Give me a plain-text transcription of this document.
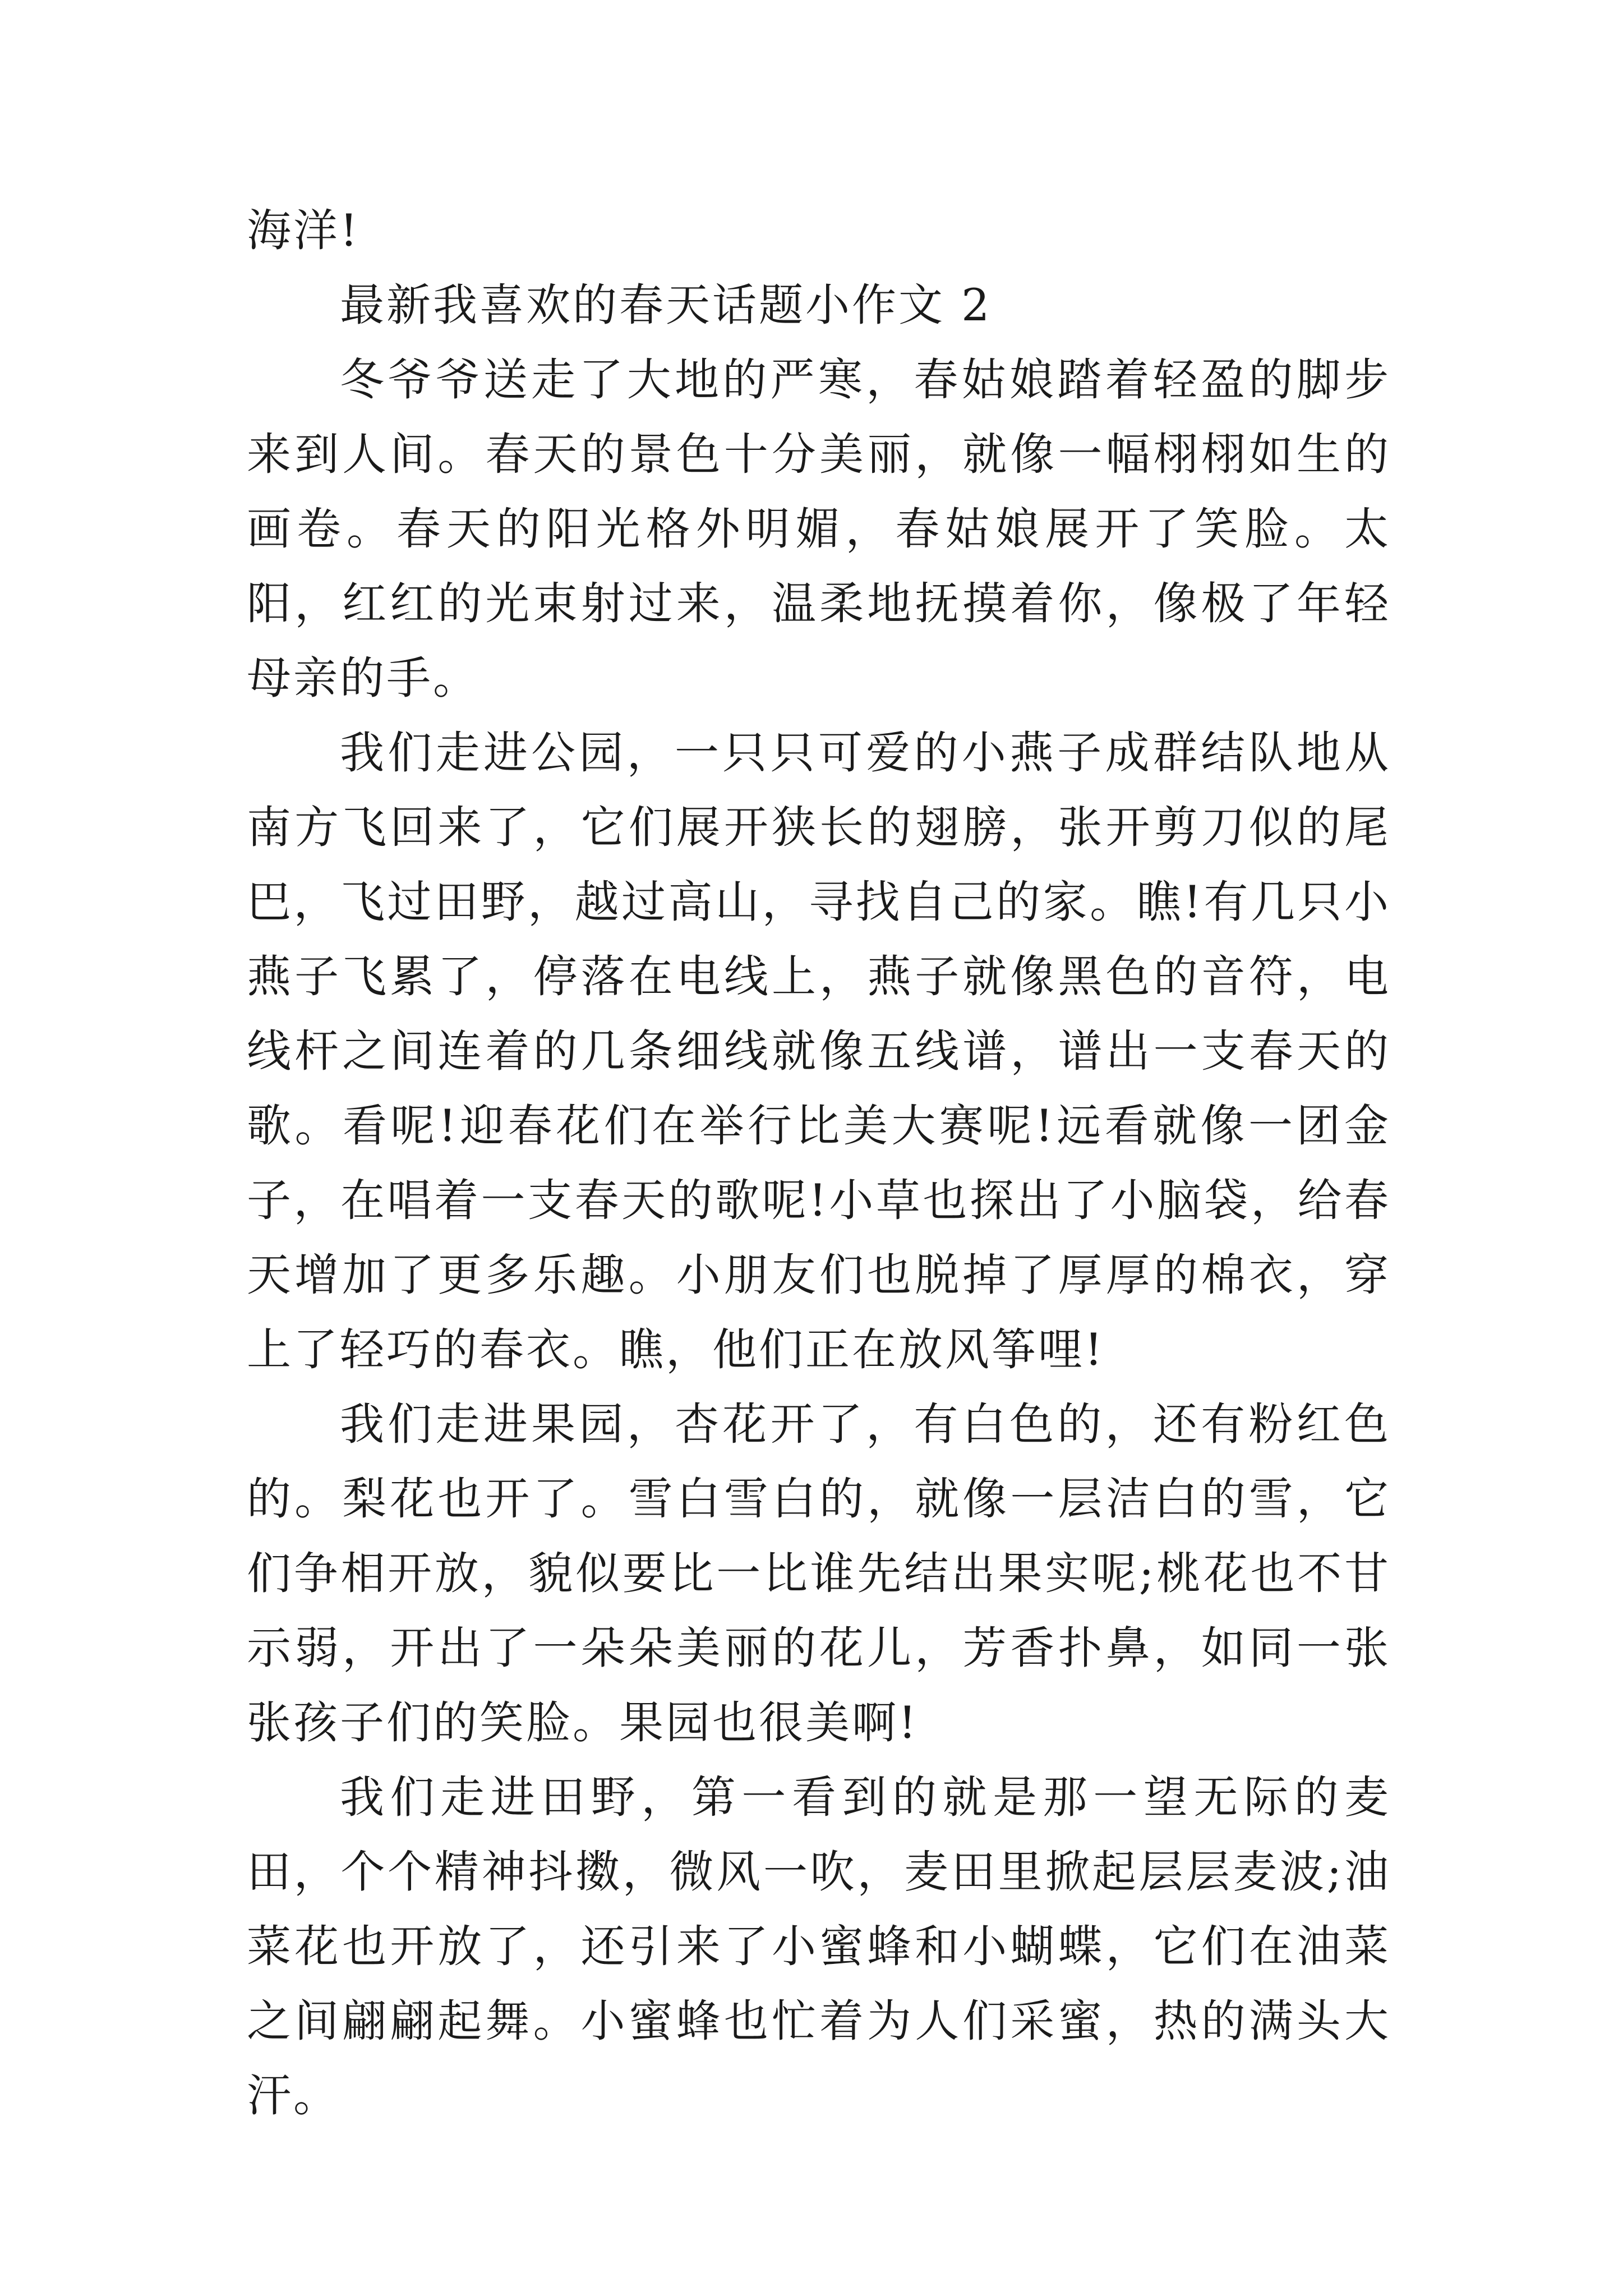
海洋!

最新我喜欢的春天话题小作文 2

冬爷爷送走了大地的严寒，春姑娘踏着轻盈的脚步来到人间。春天的景色十分美丽，就像一幅栩栩如生的画卷。春天的阳光格外明媚，春姑娘展开了笑脸。太阳，红红的光束射过来，温柔地抚摸着你，像极了年轻母亲的手。

我们走进公园，一只只可爱的小燕子成群结队地从南方飞回来了，它们展开狭长的翅膀，张开剪刀似的尾巴，飞过田野，越过高山，寻找自己的家。瞧!有几只小燕子飞累了，停落在电线上，燕子就像黑色的音符，电线杆之间连着的几条细线就像五线谱，谱出一支春天的歌。看呢!迎春花们在举行比美大赛呢!远看就像一团金子，在唱着一支春天的歌呢!小草也探出了小脑袋，给春天增加了更多乐趣。小朋友们也脱掉了厚厚的棉衣，穿上了轻巧的春衣。瞧，他们正在放风筝哩!

我们走进果园，杏花开了，有白色的，还有粉红色的。梨花也开了。雪白雪白的，就像一层洁白的雪，它们争相开放，貌似要比一比谁先结出果实呢;桃花也不甘示弱，开出了一朵朵美丽的花儿，芳香扑鼻，如同一张张孩子们的笑脸。果园也很美啊!

我们走进田野，第一看到的就是那一望无际的麦田，个个精神抖擞，微风一吹，麦田里掀起层层麦波;油菜花也开放了，还引来了小蜜蜂和小蝴蝶，它们在油菜之间翩翩起舞。小蜜蜂也忙着为人们采蜜，热的满头大汗。
